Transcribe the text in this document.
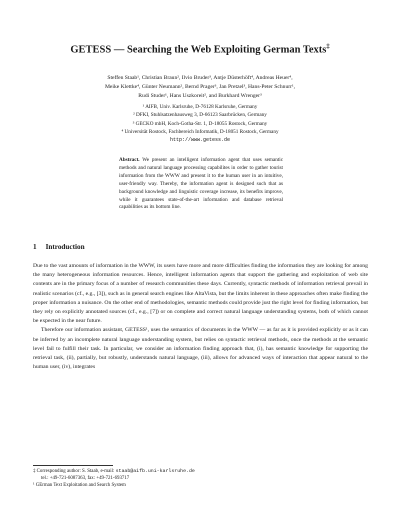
GETESS — Searching the Web Exploiting German Texts‡
Steffen Staab¹, Christian Braun², Ilvio Bruder³, Antje Düsterhöft⁴, Andreas Heuer⁴,
Meike Klettke⁴, Günter Neumann², Bernd Prager³, Jan Pretzel³, Hans-Peter Schnurr¹,
Rudi Studer¹, Hans Uszkoreit², and Burkhard Wrenger³
¹ AIFB, Univ. Karlsruhe, D-76128 Karlsruhe, Germany
² DFKI, Stuhlsatzenhausweg 3, D-66123 Saarbrücken, Germany
³ GECKO mbH, Koch-Gotha-Str. 1, D-18055 Rostock, Germany
⁴ Universität Rostock, Fachbereich Informatik, D-18051 Rostock, Germany
http://www.getess.de
Abstract. We present an intelligent information agent that uses semantic methods and natural language processing capabilites in order to gather tourist information from the WWW and present it to the human user in an intuitive, user-friendly way. Thereby, the information agent is designed such that as background knowledge and linguistic coverage increase, its benefits improve, while it guarantees state-of-the-art information and database retrieval capabilities as its bottom line.
1 Introduction

Due to the vast amounts of information in the WWW, its users have more and more difficulties finding the information they are looking for among the many heterogeneous information resources. Hence, intelligent information agents that support the gathering and exploitation of web site contents are in the primary focus of a number of research communities these days. Currently, syntactic methods of information retrieval prevail in realistic scenarios (cf., e.g., [3]), such as in general search engines like AltaVista, but the limits inherent in these approaches often make finding the proper information a nuisance. On the other end of methodologies, semantic methods could provide just the right level for finding information, but they rely on explicitly annotated sources (cf., e.g., [7]) or on complete and correct natural language understanding systems, both of which cannot be expected in the near future.

Therefore our information assistant, GETESS¹, uses the semantics of documents in the WWW — as far as it is provided explicitly or as it can be inferred by an incomplete natural language understanding system, but relies on syntactic retrieval methods, once the methods at the semantic level fail to fulfill their task. In particular, we consider an information finding approach that, (i), has semantic knowledge for supporting the retrieval task, (ii), partially, but robustly, understands natural language, (iii), allows for advanced ways of interaction that appear natural to the human user, (iv), integrates

‡ Corresponding author: S. Staab, e-mail: staab@aifb.uni-karlsruhe.de
tel.: +49-721-6087363, fax: +49-721-693717
¹ GErman Text Exploitation and Search System
